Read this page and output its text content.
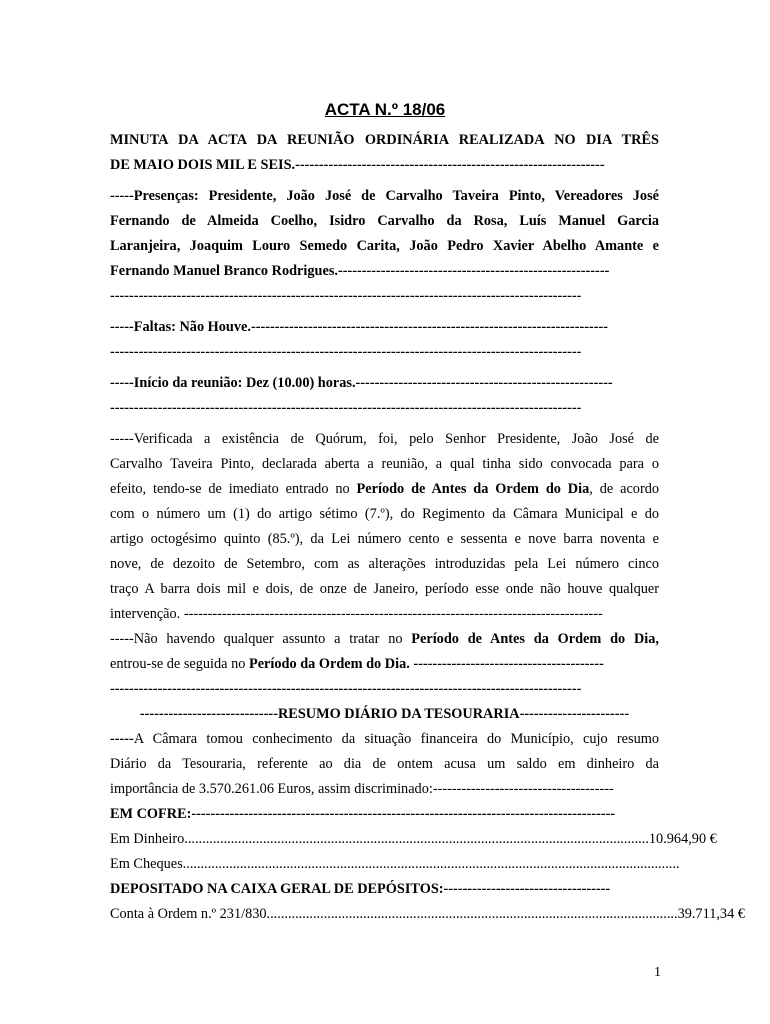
ACTA N.º 18/06
MINUTA DA ACTA DA REUNIÃO ORDINÁRIA REALIZADA NO DIA TRÊS
DE MAIO DOIS MIL E SEIS.-----------------------------------------------------------------
-----Presenças: Presidente, João José de Carvalho Taveira Pinto, Vereadores José
Fernando de Almeida Coelho, Isidro Carvalho da Rosa, Luís Manuel Garcia
Laranjeira, Joaquim Louro Semedo Carita, João Pedro Xavier Abelho Amante e
Fernando Manuel Branco Rodrigues.---------------------------------------------------------
---------------------------------------------------------------------------------------------------
-----Faltas: Não Houve.---------------------------------------------------------------------------
---------------------------------------------------------------------------------------------------
-----Início da reunião: Dez (10.00) horas.------------------------------------------------------
---------------------------------------------------------------------------------------------------
-----Verificada a existência de Quórum, foi, pelo Senhor Presidente, João José de
Carvalho Taveira Pinto, declarada aberta a reunião, a qual tinha sido convocada para o
efeito, tendo-se de imediato entrado no Período de Antes da Ordem do Dia, de acordo
com o número um (1) do artigo sétimo (7.º), do Regimento da Câmara Municipal e do
artigo octogésimo quinto (85.º), da Lei número cento e sessenta e nove barra noventa e
nove, de dezoito de Setembro, com as alterações introduzidas pela Lei número cinco
traço A barra dois mil e dois, de onze de Janeiro, período esse onde não houve qualquer
intervenção. ----------------------------------------------------------------------------------------
-----Não havendo qualquer assunto a tratar no Período de Antes da Ordem do Dia,
entrou-se de seguida no Período da Ordem do Dia. ----------------------------------------
---------------------------------------------------------------------------------------------------
-----------------------------RESUMO DIÁRIO DA TESOURARIA-----------------------
-----A Câmara tomou conhecimento da situação financeira do Município, cujo resumo
Diário da Tesouraria, referente ao dia de ontem acusa um saldo em dinheiro da
importância de 3.570.261.06 Euros, assim discriminado:--------------------------------------
EM COFRE:-----------------------------------------------------------------------------------------
Em Dinheiro .................................................................................................................................. 10.964,90 €
Em Cheques ...........................................................................................................................................
DEPOSITADO NA CAIXA GERAL DE DEPÓSITOS:-----------------------------------
Conta à Ordem n.º 231/830 ................................................................................................................... 39.711,34 €
1
